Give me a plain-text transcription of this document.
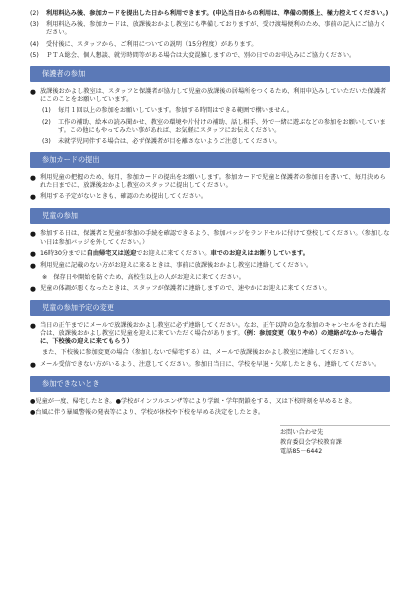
(2)	利用料込み後、参加カードを提出した日から利用できます。(申込当日からの利用は、準備の関係上、極力控えてください。)
(3)	利用料込み後、参加カードは、放課後おかよし教室にも準備しておりますが、受け渡場便利のため、事前の記入にご協力ください。
(4)	受付後に、スタッフから、ご利用についての説明（15分程度）があります。
(5)	ＰＴＡ総会、個人懇談、就労時間等がある場合は大変混雑しますので、別の日でのお申込みにご協力ください。
保護者の参加
● 放課後おかよし教室は、スタッフと保護者が協力して児童の放課後の居場所をつくるため、利用申込みしていただいた保護者にこのことをお願いしています。
(1)	毎月１回以上の参加をお願いしています。参加する時間はできる範囲で構いません。
(2)	工作の補助、絵本の読み聞かせ、教室の環境や片付けの補助、話し相手、外で一緒に遊ぶなどの参加をお願いしています。この他にもやってみたい事があれば、お気軽にスタッフにお伝えください。
(3)	未就学児同伴する場合は、必ず保護者が目を離さないようご注意してください。
参加カードの提出
● 利用児童の把握のため、毎月、参加カードの提出をお願いします。参加カードで児童と保護者の参加日を書いて、毎月決められた日までに、放課後おかよし教室のスタッフに提出してください。
● 利用する予定がないときも、確認のため提出してください。
児童の参加
● 参加する日は、保護者と児童が参加の手続を確認できるよう、参加バッジをランドセルに付けて登校してください。（参加しない日は参加バッジを外してください。）
● 16時30分までに自由帰宅又は送迎でお迎えに来てください。車でのお迎えはお断りしています。
● 利用児童に記載のない方がお迎えに来るときは、事前に放課後おかよし教室に連絡してください。
※　保存日や開始を防ぐため、高校生以上の人がお迎えに来てください。
● 児童の体調が悪くなったときは、スタッフが保護者に連絡しますので、速やかにお迎えに来てください。
児童の参加予定の変更
● 当日の正午までにメールで放課後おかよし教室に必ず連絡してください。なお、正午以降の急な参加のキャンセルをされた場合は、放課後おかよし教室に児童を迎えに来ていただく場合があります。（例：参加変更（取りやめ）の連絡がなかった場合に、下校後の迎えに来てもらう）
また、下校後に参加変更の場合（参加しないで帰宅する）は、メールで放課後おかよし教室に連絡してください。
● メール受信できない方がいるよう、注意してください。参加日当日に、学校を早退・欠席したときも、連絡してください。
参加できないとき
●児童が一度、帰宅したとき。●学校がインフルエンザ等により学級・学年閉鎖をする、又は下校時刻を早めるとき。
●台風に伴う暴風警報の発表等により、学校が休校や下校を早める決定をしたとき。
お問い合わせ先
教育委員会学校教育課
電話85－6442
